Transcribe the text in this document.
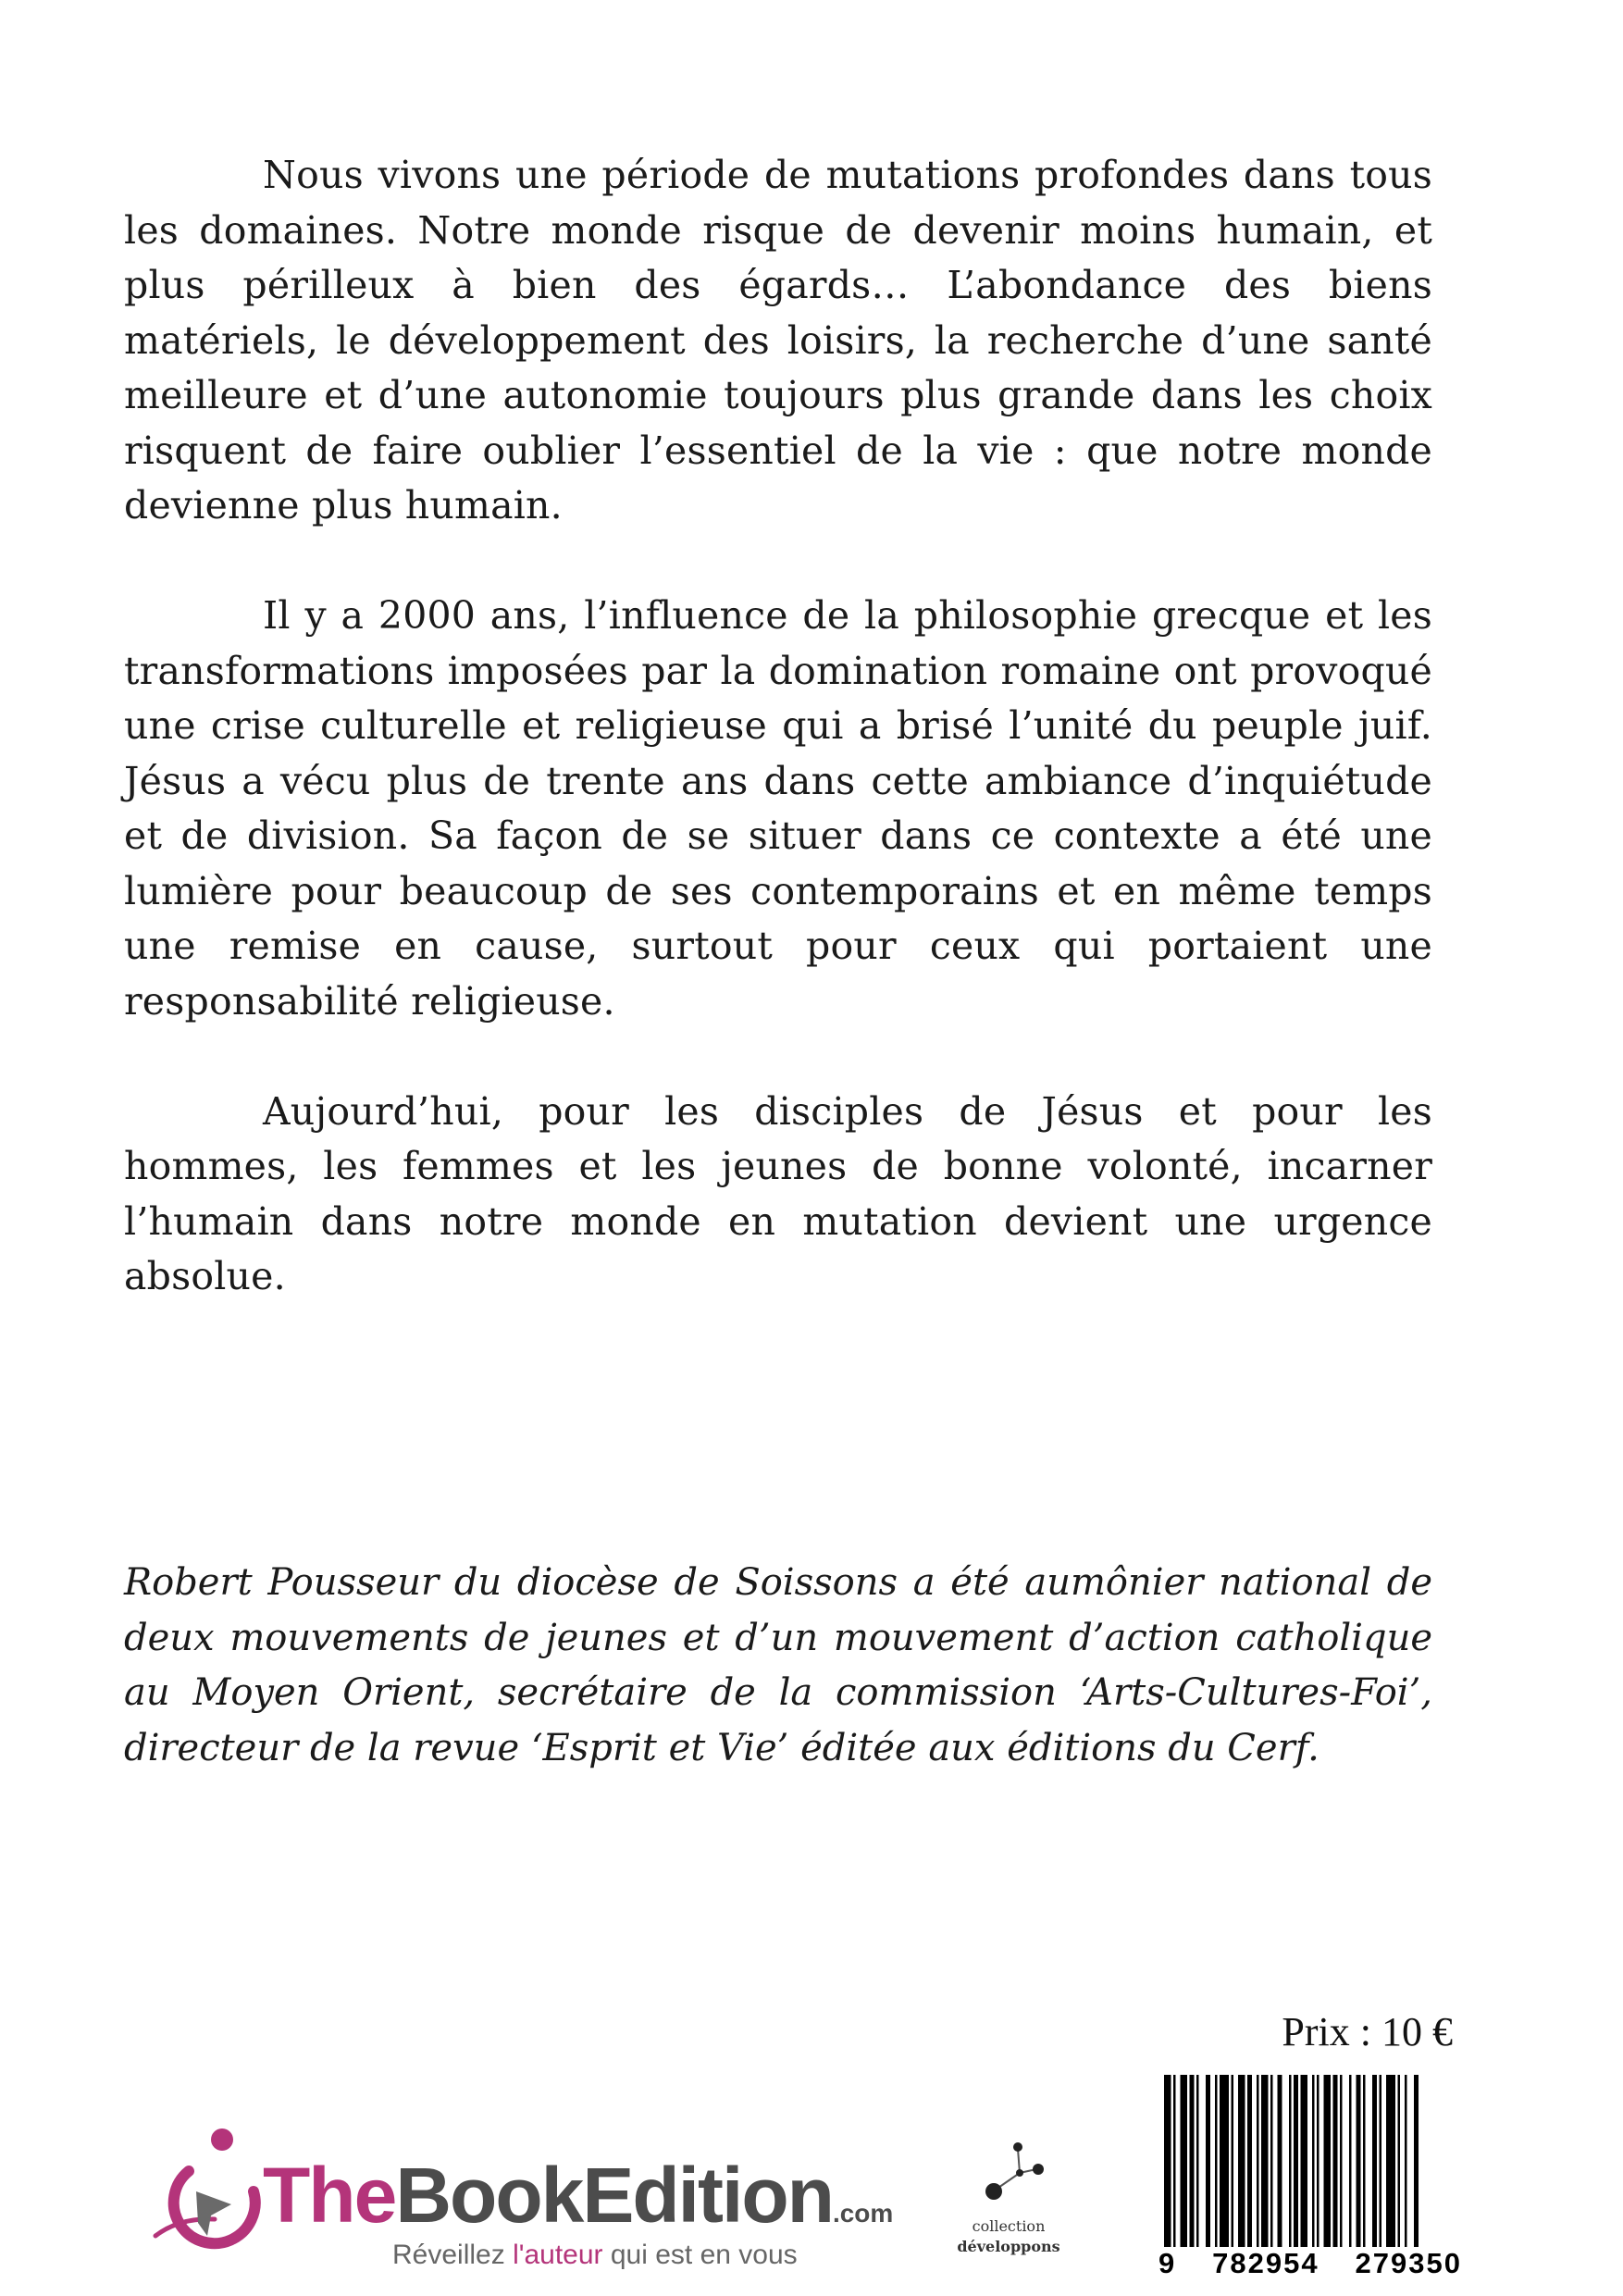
Nous vivons une période de mutations profondes dans tous les domaines. Notre monde risque de devenir moins humain, et plus périlleux à bien des égards… L’abondance des biens matériels, le développement des loisirs, la recherche d’une santé meilleure et d’une autonomie toujours plus grande dans les choix risquent de faire oublier l’essentiel de la vie : que notre monde devienne plus humain.

Il y a 2000 ans, l’influence de la philosophie grecque et les transformations imposées par la domination romaine ont provoqué une crise culturelle et religieuse qui a brisé l’unité du peuple juif. Jésus a vécu plus de trente ans dans cette ambiance d’inquiétude et de division. Sa façon de se situer dans ce contexte a été une lumière pour beaucoup de ses contemporains et en même temps une remise en cause, surtout pour ceux qui portaient une responsabilité religieuse.

Aujourd’hui, pour les disciples de Jésus et pour les hommes, les femmes et les jeunes de bonne volonté, incarner l’humain dans notre monde en mutation devient une urgence absolue.

Robert Pousseur du diocèse de Soissons a été aumônier national de deux mouvements de jeunes et d’un mouvement d’action catholique au Moyen Orient, secrétaire de la commission ‘Arts-Cultures-Foi’, directeur de la revue ‘Esprit et Vie’ éditée aux éditions du Cerf.

Prix : 10 €
9 782954 279350
TheBookEdition.com
Réveillez l'auteur qui est en vous
collection
développons
